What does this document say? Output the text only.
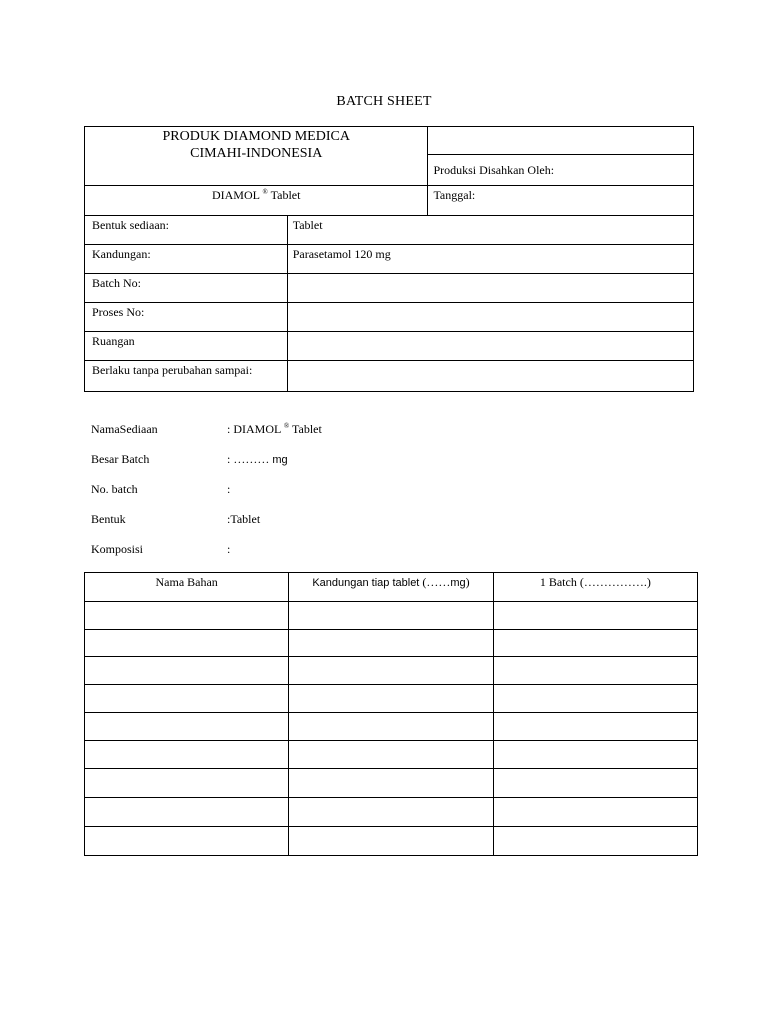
BATCH SHEET
PRODUK DIAMOND MEDICA
CIMAHI-INDONESIA		

		Produksi Disahkan Oleh:
DIAMOL ® Tablet		Tanggal:
Bentuk sediaan:	Tablet	
Kandungan:	Parasetamol 120 mg	
Batch No:		
Proses No:		
Ruangan		
Berlaku tanpa perubahan sampai:		
NamaSediaan	: DIAMOL ® Tablet
Besar Batch	: ……… mg
No. batch	:
Bentuk	:Tablet
Komposisi	:
Nama Bahan	Kandungan tiap tablet (……mg)	1 Batch (…………….)
